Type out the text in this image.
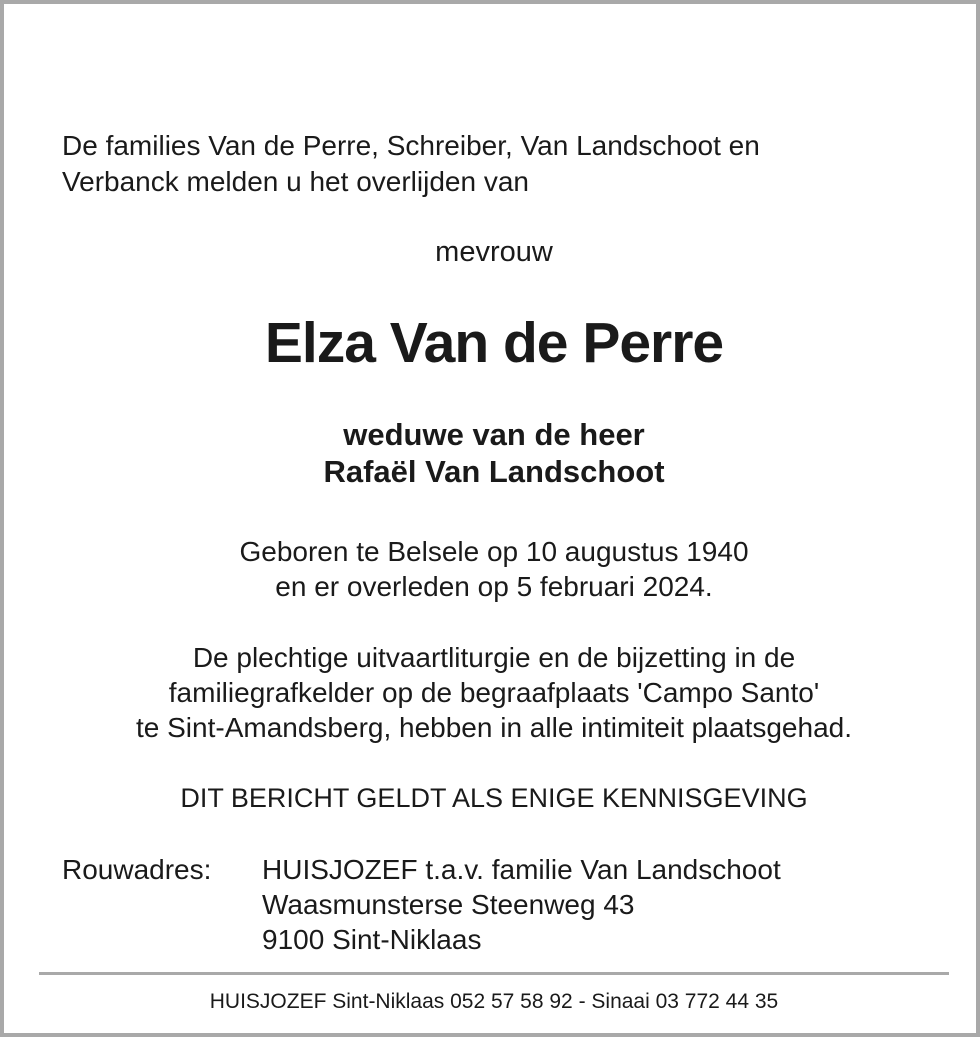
De families Van de Perre, Schreiber, Van Landschoot en
Verbanck melden u het overlijden van
mevrouw
Elza Van de Perre
weduwe van de heer
Rafaël Van Landschoot
Geboren te Belsele op 10 augustus 1940
en er overleden op 5 februari 2024.
De plechtige uitvaartliturgie en de bijzetting in de
familiegrafkelder op de begraafplaats 'Campo Santo'
te Sint-Amandsberg, hebben in alle intimiteit plaatsgehad.
DIT BERICHT GELDT ALS ENIGE KENNISGEVING
Rouwadres: HUISJOZEF t.a.v. familie Van Landschoot
Waasmunsterse Steenweg 43
9100 Sint-Niklaas
HUISJOZEF Sint-Niklaas 052 57 58 92 - Sinaai 03 772 44 35
